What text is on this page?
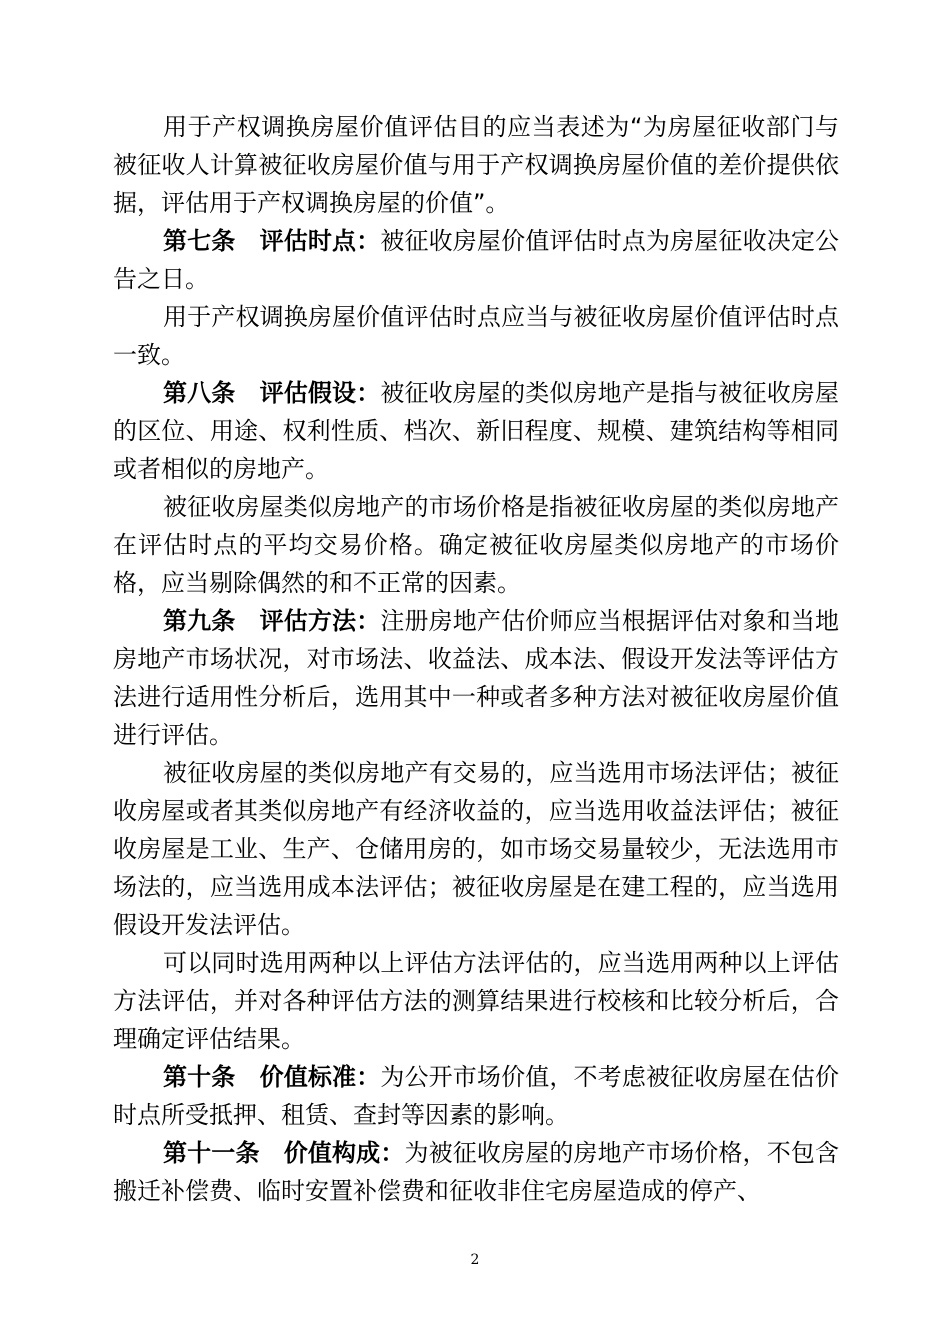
用于产权调换房屋价值评估目的应当表述为“为房屋征收部门与被征收人计算被征收房屋价值与用于产权调换房屋价值的差价提供依据，评估用于产权调换房屋的价值”。

第七条 评估时点：被征收房屋价值评估时点为房屋征收决定公告之日。

用于产权调换房屋价值评估时点应当与被征收房屋价值评估时点一致。

第八条 评估假设：被征收房屋的类似房地产是指与被征收房屋的区位、用途、权利性质、档次、新旧程度、规模、建筑结构等相同或者相似的房地产。

被征收房屋类似房地产的市场价格是指被征收房屋的类似房地产在评估时点的平均交易价格。确定被征收房屋类似房地产的市场价格，应当剔除偶然的和不正常的因素。

第九条 评估方法：注册房地产估价师应当根据评估对象和当地房地产市场状况，对市场法、收益法、成本法、假设开发法等评估方法进行适用性分析后，选用其中一种或者多种方法对被征收房屋价值进行评估。

被征收房屋的类似房地产有交易的，应当选用市场法评估；被征收房屋或者其类似房地产有经济收益的，应当选用收益法评估；被征收房屋是工业、生产、仓储用房的，如市场交易量较少，无法选用市场法的，应当选用成本法评估；被征收房屋是在建工程的，应当选用假设开发法评估。

可以同时选用两种以上评估方法评估的，应当选用两种以上评估方法评估，并对各种评估方法的测算结果进行校核和比较分析后，合理确定评估结果。

第十条 价值标准：为公开市场价值，不考虑被征收房屋在估价时点所受抵押、租赁、查封等因素的影响。

第十一条 价值构成：为被征收房屋的房地产市场价格，不包含搬迁补偿费、临时安置补偿费和征收非住宅房屋造成的停产、

2
